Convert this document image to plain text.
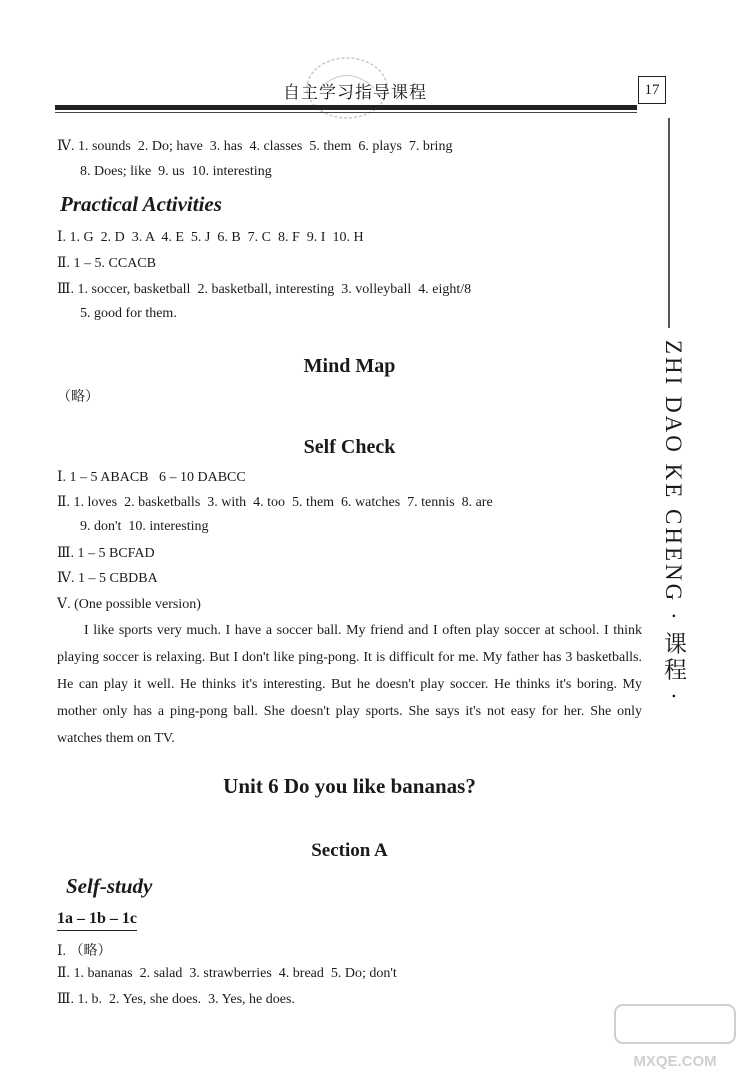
自主学习指导课程	17
ZHI DAO KE CHENG · 课程 ·
Ⅳ. 1. sounds  2. Do; have  3. has  4. classes  5. them  6. plays  7. bring
8. Does; like  9. us  10. interesting
Practical Activities
Ⅰ. 1. G  2. D  3. A  4. E  5. J  6. B  7. C  8. F  9. I  10. H
Ⅱ. 1 – 5. CCACB
Ⅲ. 1. soccer, basketball  2. basketball, interesting  3. volleyball  4. eight/8
5. good for them.
Mind Map
（略）
Self Check
Ⅰ. 1 – 5 ABACB   6 – 10 DABCC
Ⅱ. 1. loves  2. basketballs  3. with  4. too  5. them  6. watches  7. tennis  8. are
9. don't  10. interesting
Ⅲ. 1 – 5 BCFAD
Ⅳ. 1 – 5 CBDBA
Ⅴ. (One possible version)
I like sports very much. I have a soccer ball. My friend and I often play soccer at school. I think playing soccer is relaxing. But I don't like ping-pong. It is difficult for me. My father has 3 basketballs. He can play it well. He thinks it's interesting. But he doesn't play soccer. He thinks it's boring. My mother only has a ping-pong ball. She doesn't play sports. She says it's not easy for her. She only watches them on TV.
Unit 6 Do you like bananas?
Section A
Self-study
1a – 1b – 1c
Ⅰ. （略）
Ⅱ. 1. bananas  2. salad  3. strawberries  4. bread  5. Do; don't
Ⅲ. 1. b.  2. Yes, she does.  3. Yes, he does.
MXQE.COM
